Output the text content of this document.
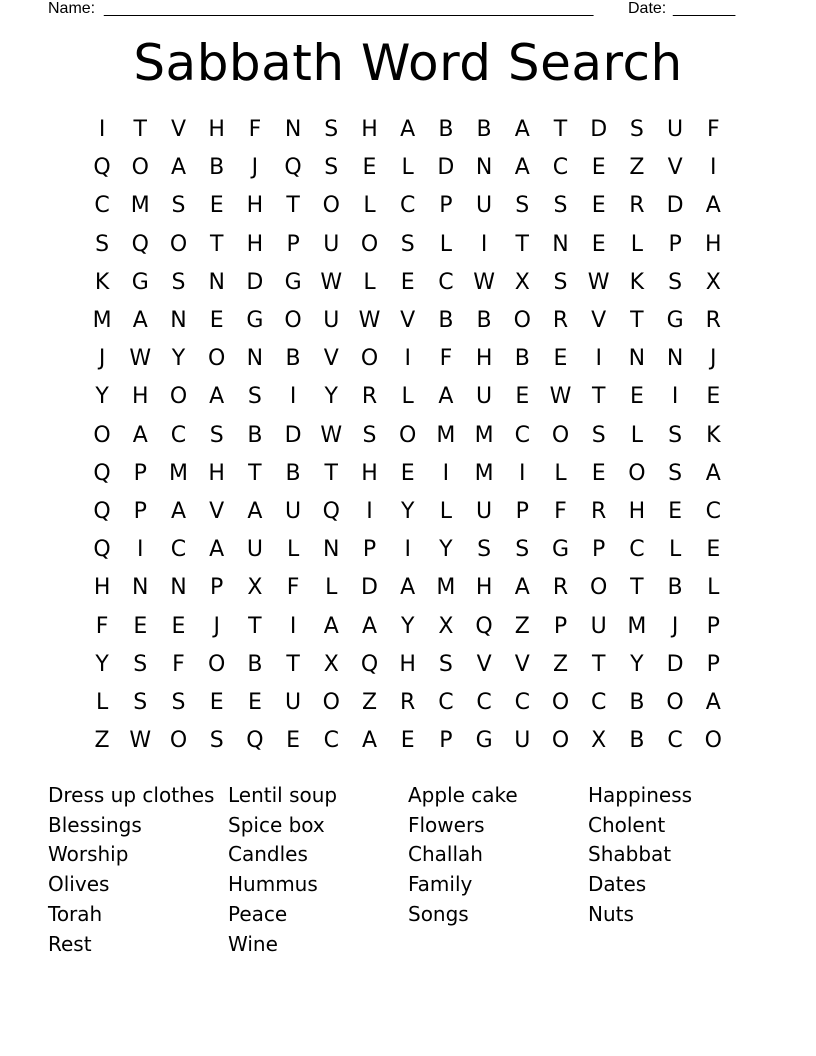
Name: _______________________________________________________ Date: _______
Sabbath Word Search
I	T	V	H	F	N	S	H	A	B	B	A	T	D	S	U	F
Q O	A	B	J	Q	S	E	L	D N	A	C	E	Z	V	I
C M S	E	H	T	O	L	C	P	U	S	S	E	R	D	A
S	Q O	T	H	P	U O	S	L	I	T	N	E	L	P	H
K	G	S	N D G W L	E	C W X	S W K	S	X
M A	N	E	G O U W V	B	B O R	V	T	G	R
J	W Y	O N	B	V	O	I	F	H	B	E	I	N N	J
Y	H O	A	S	I	Y	R	L	A	U	E W T	E	I	E
O	A	C	S	B	D W S	O M M C O	S	L	S	K
Q	P	M H	T	B	T	H	E	I	M	I	L	E	O	S	A
Q	P	A	V	A	U Q	I	Y	L	U	P	F	R	H	E	C
Q	I	C	A	U	L	N	P	I	Y	S	S	G	P	C	L	E
H N N	P	X	F	L	D	A M H	A	R O	T	B	L
F	E	E	J	T	I	A	A	Y	X	Q Z	P	U M	J	P
Y	S	F	O	B	T	X	Q H	S	V	V	Z	T	Y	D	P
L	S	S	E	E	U O	Z	R	C	C	C O C	B O	A
Z W O	S	Q	E	C	A	E	P	G U O	X	B	C O
Dress up clothes
Blessings
Worship
Olives
Torah
Rest
Lentil soup
Spice box
Candles
Hummus
Peace
Wine
Apple cake
Flowers
Challah
Family
Songs
Happiness
Cholent
Shabbat
Dates
Nuts
